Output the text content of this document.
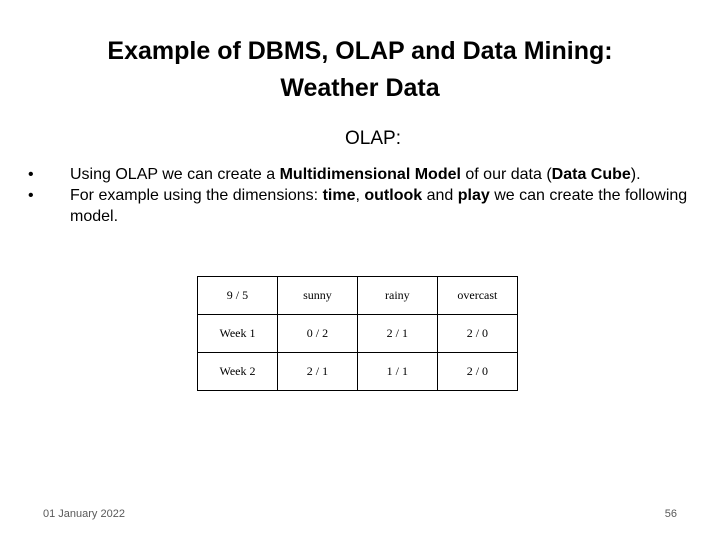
Example of DBMS, OLAP and Data Mining:
Weather Data
OLAP:
•	Using OLAP we can create a Multidimensional Model of our data (Data Cube).
•	For example using the dimensions: time, outlook and play we can create the following model.
9 / 5	sunny	rainy	overcast
Week 1	0 / 2	2 / 1	2 / 0
Week 2	2 / 1	1 / 1	2 / 0
01 January 2022	56
